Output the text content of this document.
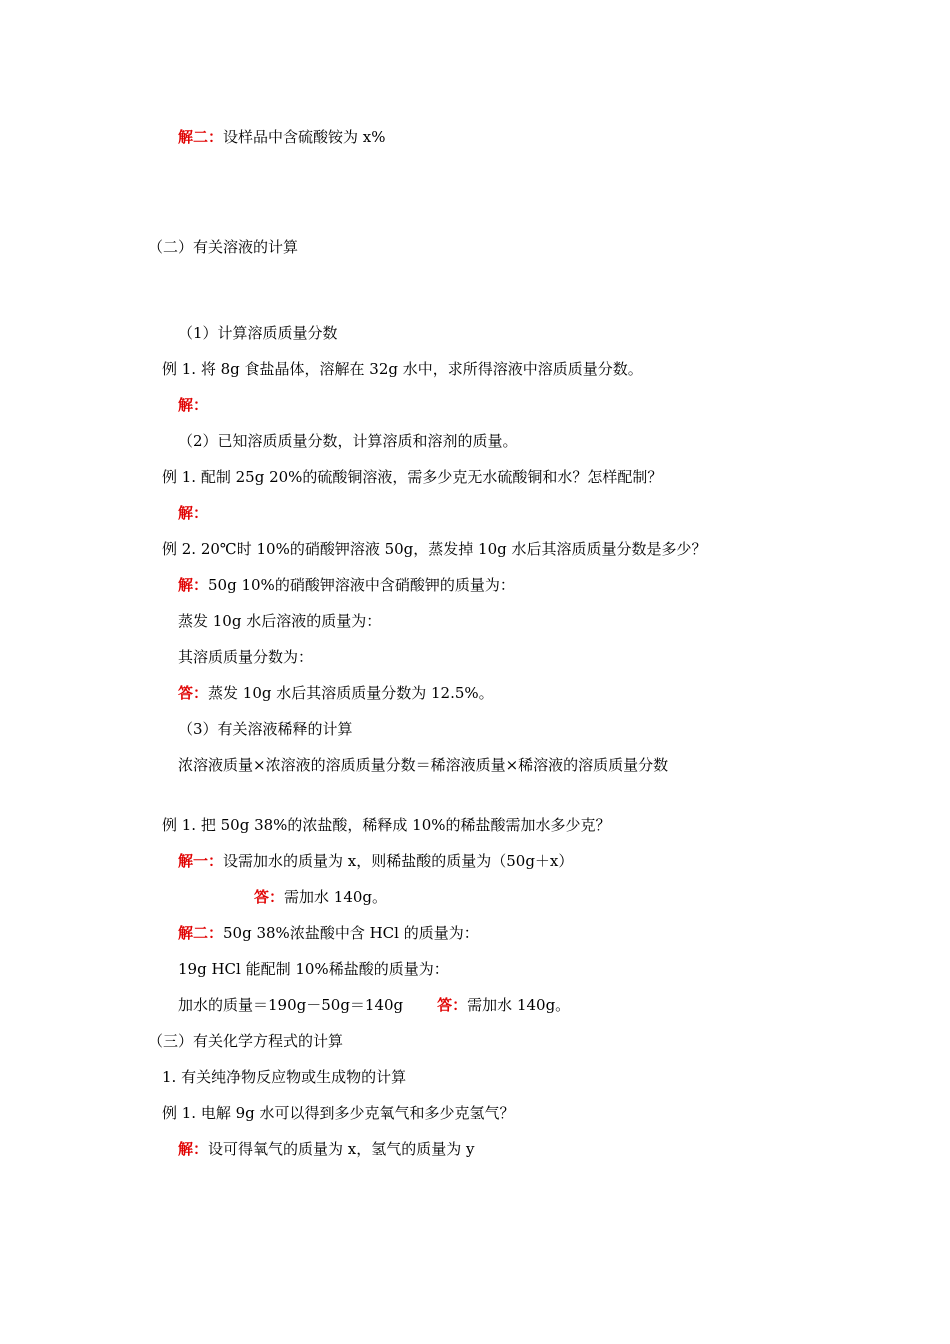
解二：设样品中含硫酸铵为 x%
（二）有关溶液的计算
（1）计算溶质质量分数
例 1. 将 8g 食盐晶体，溶解在 32g 水中，求所得溶液中溶质质量分数。
解：
（2）已知溶质质量分数，计算溶质和溶剂的质量。
例 1. 配制 25g 20%的硫酸铜溶液，需多少克无水硫酸铜和水？怎样配制？
解：
例 2. 20℃时 10%的硝酸钾溶液 50g，蒸发掉 10g 水后其溶质质量分数是多少？
解：50g 10%的硝酸钾溶液中含硝酸钾的质量为：
蒸发 10g 水后溶液的质量为：
其溶质质量分数为：
答：蒸发 10g 水后其溶质质量分数为 12.5%。
（3）有关溶液稀释的计算
浓溶液质量×浓溶液的溶质质量分数＝稀溶液质量×稀溶液的溶质质量分数
例 1. 把 50g 38%的浓盐酸，稀释成 10%的稀盐酸需加水多少克？
解一：设需加水的质量为 x，则稀盐酸的质量为（50g＋x）
答：需加水 140g。
解二：50g 38%浓盐酸中含 HCl 的质量为：
19g HCl 能配制 10%稀盐酸的质量为：
加水的质量＝190g－50g＝140g 答：需加水 140g。
（三）有关化学方程式的计算
1. 有关纯净物反应物或生成物的计算
例 1. 电解 9g 水可以得到多少克氧气和多少克氢气？
解：设可得氧气的质量为 x，氢气的质量为 y
